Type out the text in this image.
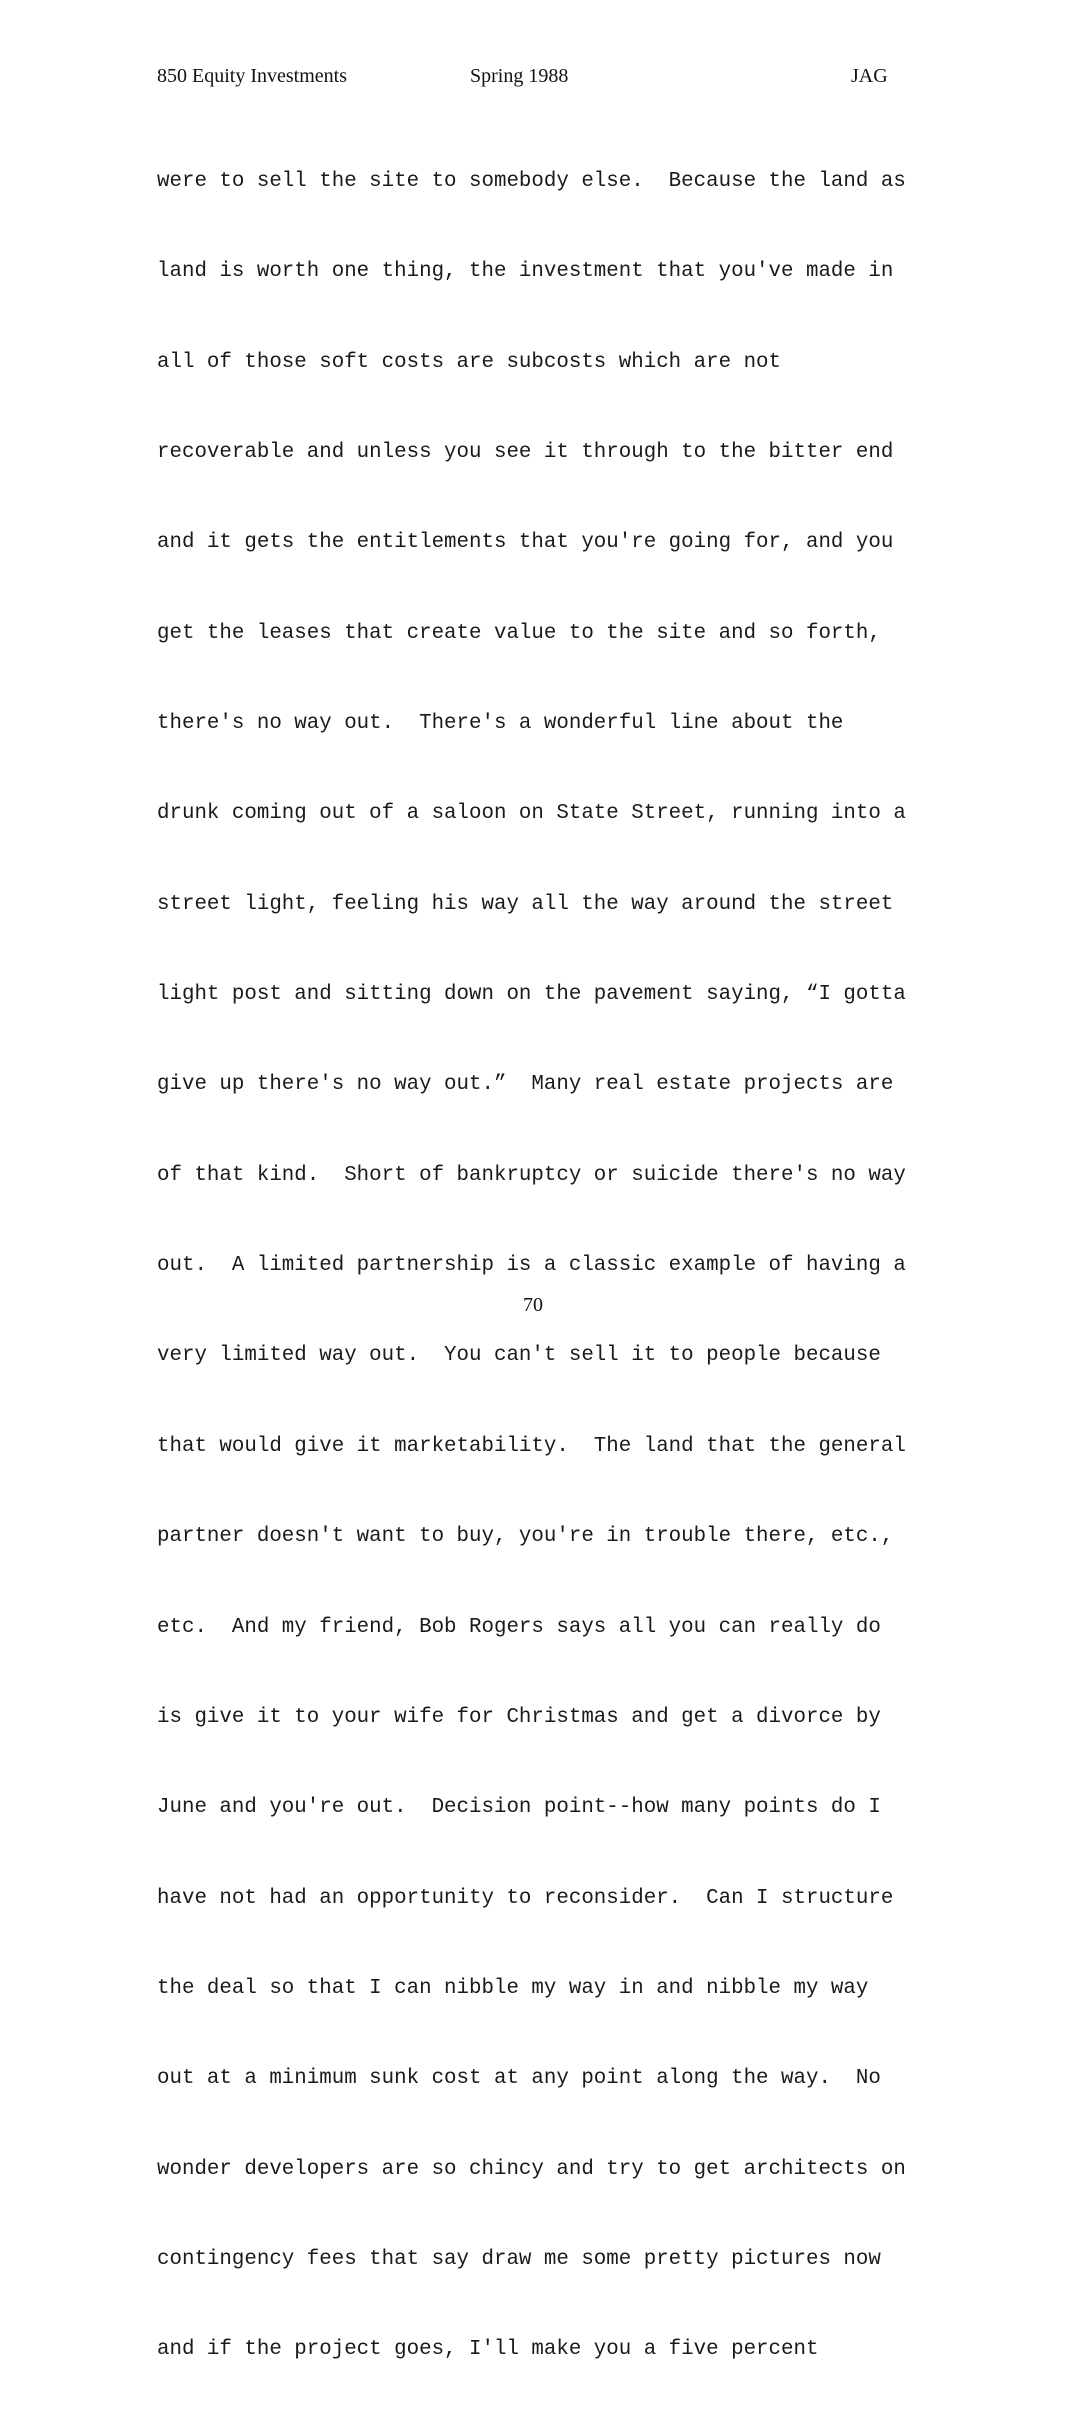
850 Equity Investments	Spring 1988	JAG

were to sell the site to somebody else.  Because the land as

land is worth one thing, the investment that you've made in

all of those soft costs are subcosts which are not

recoverable and unless you see it through to the bitter end

and it gets the entitlements that you're going for, and you

get the leases that create value to the site and so forth,

there's no way out.  There's a wonderful line about the

drunk coming out of a saloon on State Street, running into a

street light, feeling his way all the way around the street

light post and sitting down on the pavement saying, “I gotta

give up there's no way out.”  Many real estate projects are

of that kind.  Short of bankruptcy or suicide there's no way

out.  A limited partnership is a classic example of having a

very limited way out.  You can't sell it to people because

that would give it marketability.  The land that the general

partner doesn't want to buy, you're in trouble there, etc.,

etc.  And my friend, Bob Rogers says all you can really do

is give it to your wife for Christmas and get a divorce by

June and you're out.  Decision point--how many points do I

have not had an opportunity to reconsider.  Can I structure

the deal so that I can nibble my way in and nibble my way

out at a minimum sunk cost at any point along the way.  No

wonder developers are so chincy and try to get architects on

contingency fees that say draw me some pretty pictures now

and if the project goes, I'll make you a five percent

70
